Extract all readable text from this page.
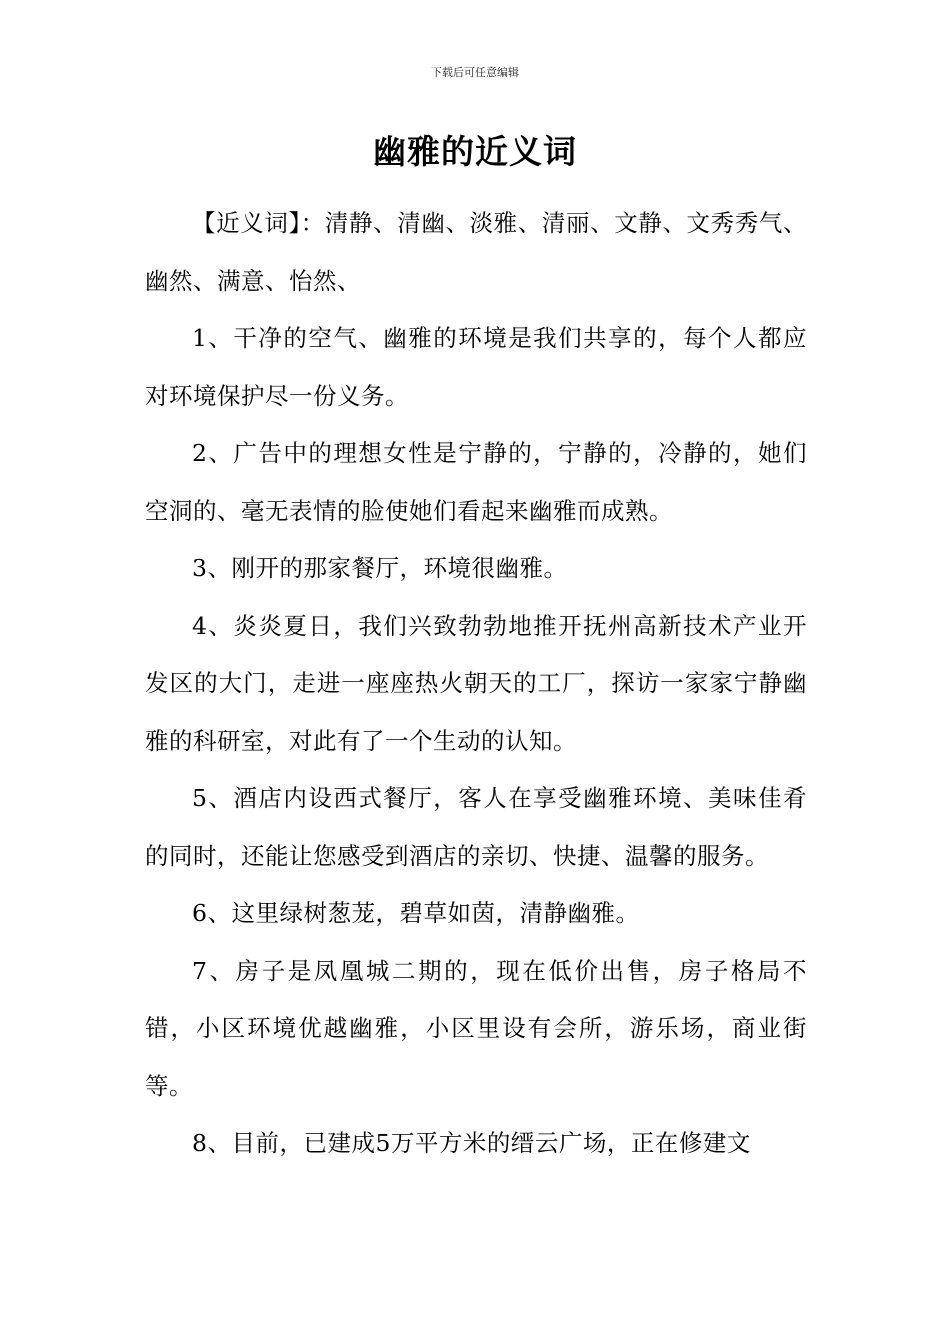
下载后可任意编辑
幽雅的近义词

【近义词】：清静、清幽、淡雅、清丽、文静、文秀秀气、幽然、满意、怡然、

1、干净的空气、幽雅的环境是我们共享的，每个人都应对环境保护尽一份义务。

2、广告中的理想女性是宁静的，宁静的，冷静的，她们空洞的、毫无表情的脸使她们看起来幽雅而成熟。

3、刚开的那家餐厅，环境很幽雅。

4、炎炎夏日，我们兴致勃勃地推开抚州高新技术产业开发区的大门，走进一座座热火朝天的工厂，探访一家家宁静幽雅的科研室，对此有了一个生动的认知。

5、酒店内设西式餐厅，客人在享受幽雅环境、美味佳肴的同时，还能让您感受到酒店的亲切、快捷、温馨的服务。

6、这里绿树葱茏，碧草如茵，清静幽雅。

7、房子是凤凰城二期的，现在低价出售，房子格局不错，小区环境优越幽雅，小区里设有会所，游乐场，商业街等。

8、目前，已建成5万平方米的缙云广场，正在修建文
